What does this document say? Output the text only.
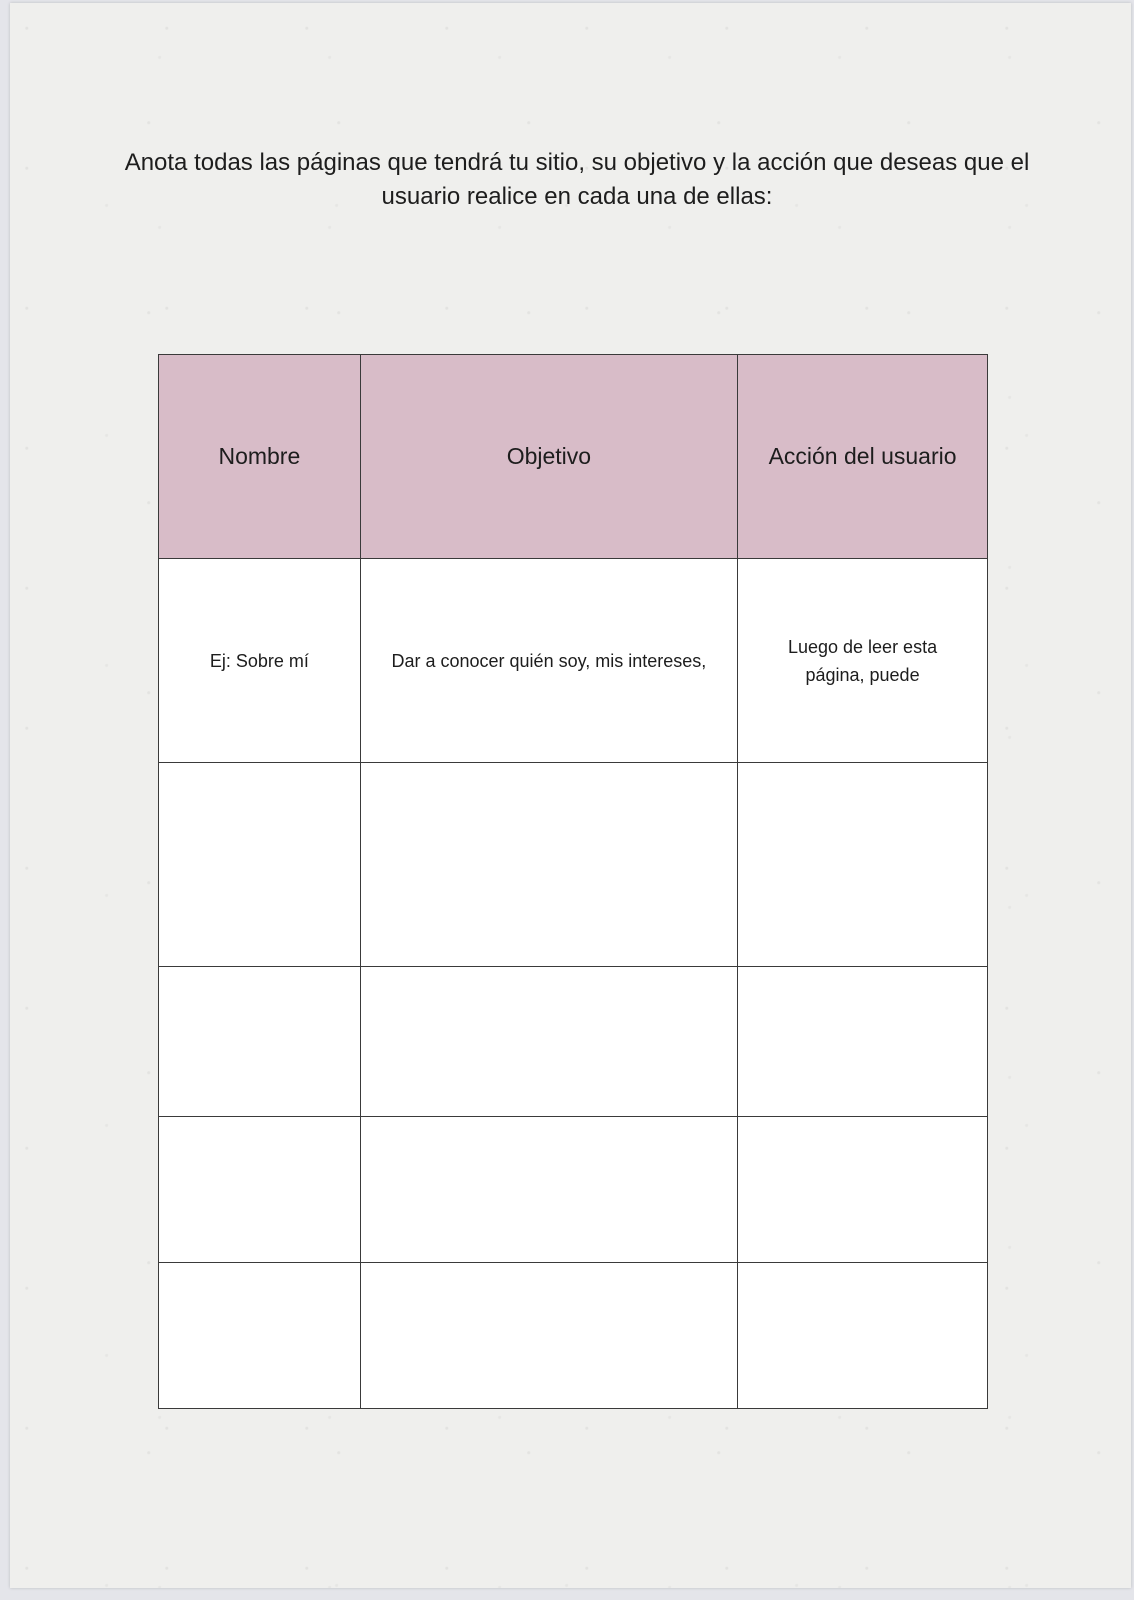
Anota todas las páginas que tendrá tu sitio, su objetivo y la acción que deseas que el usuario realice en cada una de ellas:

Nombre	Objetivo	Acción del usuario
Ej: Sobre mí	Dar a conocer quién soy, mis intereses,	Luego de leer esta página, puede
